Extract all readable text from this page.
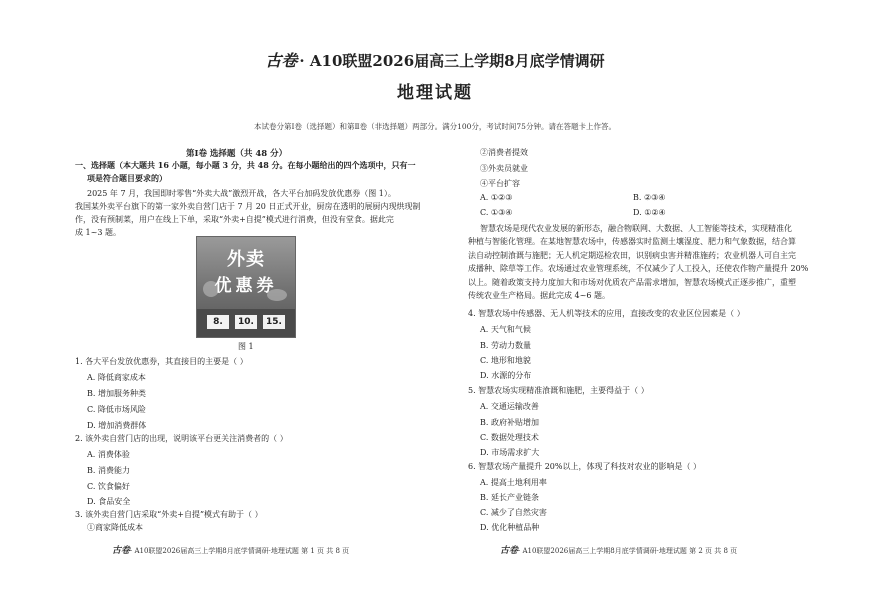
古卷 · A10联盟2026届高三上学期8月底学情调研
地理试题
本试卷分第Ⅰ卷（选择题）和第Ⅱ卷（非选择题）两部分。满分100分，考试时间75分钟。请在答题卡上作答。
第Ⅰ卷 选择题（共 48 分）
一、选择题（本大题共 16 小题，每小题 3 分，共 48 分。在每小题给出的四个选项中，只有一
项是符合题目要求的）
2025 年 7 月，我国即时零售“外卖大战”激烈开战，各大平台加码发放优惠券（图 1）。
我国某外卖平台旗下的第一家外卖自营门店于 7 月 20 日正式开业，厨房在透明的展厨内现烘现制
作，没有预制菜，用户在线上下单，采取“外卖+自提”模式进行消费，但没有堂食。据此完
成 1~3 题。
外卖
优惠券
8.	10.	15.
图 1
1. 各大平台发放优惠券，其直接目的主要是（ ）
A. 降低商家成本
B. 增加服务种类
C. 降低市场风险
D. 增加消费群体
2. 该外卖自营门店的出现，说明该平台更关注消费者的（ ）
A. 消费体验
B. 消费能力
C. 饮食偏好
D. 食品安全
3. 该外卖自营门店采取“外卖+自提”模式有助于（ ）
①商家降低成本
②消费者提效
③外卖员就业
④平台扩容
A. ①②③	B. ②③④
C. ①③④	D. ①②④
智慧农场是现代农业发展的新形态，融合物联网、大数据、人工智能等技术，实现精准化
种植与智能化管理。在某地智慧农场中，传感器实时监测土壤湿度、肥力和气象数据，结合算
法自动控制湌溉与施肥；无人机定期巡检农田，识别病虫害并精准施药；农业机器人可自主完
成播种、除草等工作。农场通过农业管理系统，不仅减少了人工投入，还使农作物产量提升 20%
以上。随着政策支持力度加大和市场对优质农产品需求增加，智慧农场模式正逐步推广，重塑
传统农业生产格局。据此完成 4~6 题。
4. 智慧农场中传感器、无人机等技术的应用，直接改变的农业区位因素是（ ）
A. 天气和气候
B. 劳动力数量
C. 地形和地貌
D. 水源的分布
5. 智慧农场实现精准湌溉和施肥，主要得益于（ ）
A. 交通运输改善
B. 政府补贴增加
C. 数据处理技术
D. 市场需求扩大
6. 智慧农场产量提升 20%以上，体现了科技对农业的影响是（ ）
A. 提高土地利用率
B. 延长产业链条
C. 减少了自然灾害
D. 优化种植品种
古卷· A10联盟2026届高三上学期8月底学情调研·地理试题 第 1 页 共 8 页	古卷· A10联盟2026届高三上学期8月底学情调研·地理试题 第 2 页 共 8 页
